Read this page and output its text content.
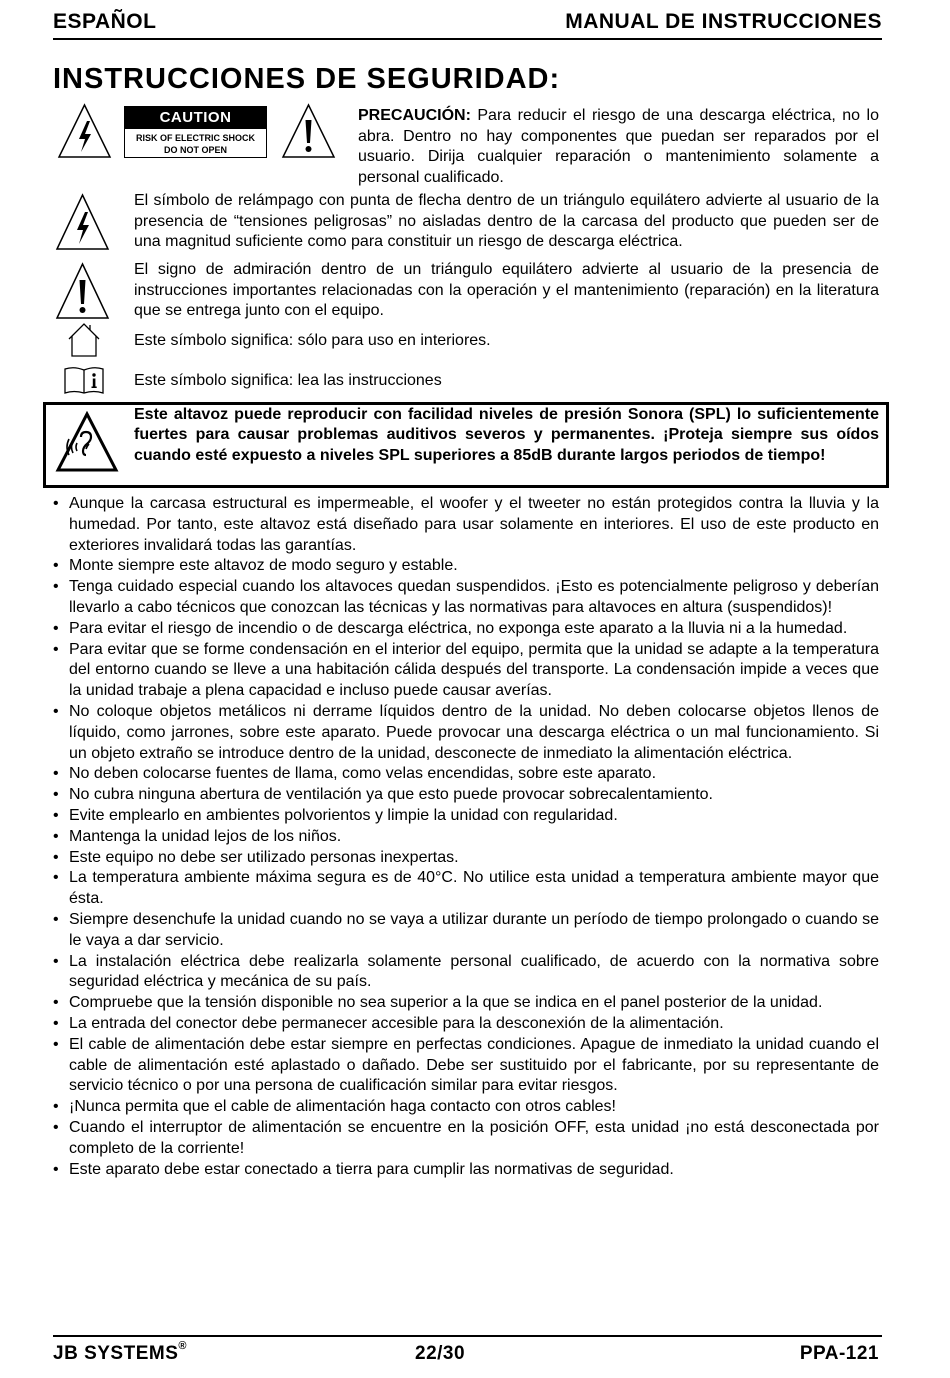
ESPAÑOL	MANUAL DE INSTRUCCIONES
INSTRUCCIONES DE SEGURIDAD:
CAUTION
RISK OF ELECTRIC SHOCK
DO NOT OPEN
PRECAUCIÓN: Para reducir el riesgo de una descarga eléctrica, no lo abra. Dentro no hay componentes que puedan ser reparados por el usuario. Dirija cualquier reparación o mantenimiento solamente a personal cualificado.
El símbolo de relámpago con punta de flecha dentro de un triángulo equilátero advierte al usuario de la presencia de “tensiones peligrosas” no aisladas dentro de la carcasa del producto que pueden ser de una magnitud suficiente como para constituir un riesgo de descarga eléctrica.
El signo de admiración dentro de un triángulo equilátero advierte al usuario de la presencia de instrucciones importantes relacionadas con la operación y el mantenimiento (reparación) en la literatura que se entrega junto con el equipo.
Este símbolo significa: sólo para uso en interiores.
Este símbolo significa: lea las instrucciones
Este altavoz puede reproducir con facilidad niveles de presión Sonora (SPL) lo suficientemente fuertes para causar problemas auditivos severos y permanentes. ¡Proteja siempre sus oídos cuando esté expuesto a niveles SPL superiores a 85dB durante largos periodos de tiempo!
• Aunque la carcasa estructural es impermeable, el woofer y el tweeter no están protegidos contra la lluvia y la humedad. Por tanto, este altavoz está diseñado para usar solamente en interiores. El uso de este producto en exteriores invalidará todas las garantías.
• Monte siempre este altavoz de modo seguro y estable.
• Tenga cuidado especial cuando los altavoces quedan suspendidos. ¡Esto es potencialmente peligroso y deberían llevarlo a cabo técnicos que conozcan las técnicas y las normativas para altavoces en altura (suspendidos)!
• Para evitar el riesgo de incendio o de descarga eléctrica, no exponga este aparato a la lluvia ni a la humedad.
• Para evitar que se forme condensación en el interior del equipo, permita que la unidad se adapte a la temperatura del entorno cuando se lleve a una habitación cálida después del transporte. La condensación impide a veces que la unidad trabaje a plena capacidad e incluso puede causar averías.
• No coloque objetos metálicos ni derrame líquidos dentro de la unidad. No deben colocarse objetos llenos de líquido, como jarrones, sobre este aparato. Puede provocar una descarga eléctrica o un mal funcionamiento. Si un objeto extraño se introduce dentro de la unidad, desconecte de inmediato la alimentación eléctrica.
• No deben colocarse fuentes de llama, como velas encendidas, sobre este aparato.
• No cubra ninguna abertura de ventilación ya que esto puede provocar sobrecalentamiento.
• Evite emplearlo en ambientes polvorientos y limpie la unidad con regularidad.
• Mantenga la unidad lejos de los niños.
• Este equipo no debe ser utilizado personas inexpertas.
• La temperatura ambiente máxima segura es de 40°C. No utilice esta unidad a temperatura ambiente mayor que ésta.
• Siempre desenchufe la unidad cuando no se vaya a utilizar durante un período de tiempo prolongado o cuando se le vaya a dar servicio.
• La instalación eléctrica debe realizarla solamente personal cualificado, de acuerdo con la normativa sobre seguridad eléctrica y mecánica de su país.
• Compruebe que la tensión disponible no sea superior a la que se indica en el panel posterior de la unidad.
• La entrada del conector debe permanecer accesible para la desconexión de la alimentación.
• El cable de alimentación debe estar siempre en perfectas condiciones. Apague de inmediato la unidad cuando el cable de alimentación esté aplastado o dañado. Debe ser sustituido por el fabricante, por su representante de servicio técnico o por una persona de cualificación similar para evitar riesgos.
• ¡Nunca permita que el cable de alimentación haga contacto con otros cables!
• Cuando el interruptor de alimentación se encuentre en la posición OFF, esta unidad ¡no está desconectada por completo de la corriente!
• Este aparato debe estar conectado a tierra para cumplir las normativas de seguridad.
JB SYSTEMS®	22/30	PPA-121
